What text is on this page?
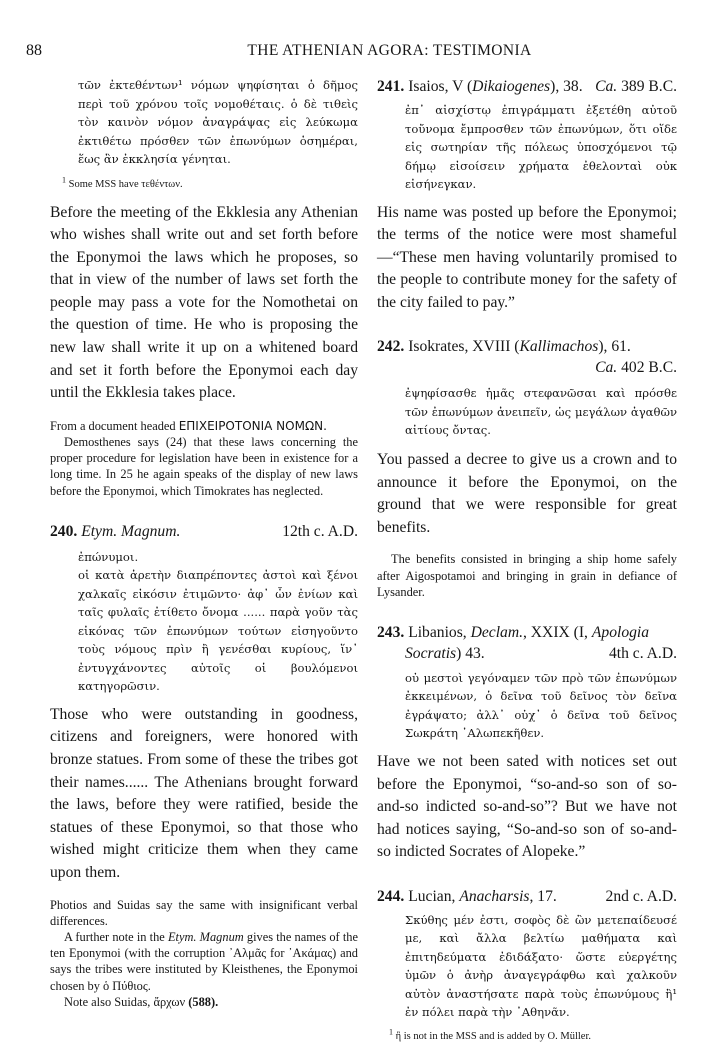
88	THE ATHENIAN AGORA: TESTIMONIA

τῶν ἐκτεθέντων¹ νόμων ψηφίσηται ὁ δῆμος περὶ τοῦ χρόνου τοῖς νομοθέταις. ὁ δὲ τιθεὶς τὸν καινὸν νόμον ἀναγράψας εἰς λεύκωμα ἐκτιθέτω πρόσθεν τῶν ἐπωνύμων ὁσημέραι, ἕως ἂν ἐκκλησία γένηται.

$^1$ Some MSS have τεθέντων.

Before the meeting of the Ekklesia any Athenian who wishes shall write out and set forth before the Eponymoi the laws which he proposes, so that in view of the number of laws set forth the people may pass a vote for the Nomothetai on the question of time. He who is proposing the new law shall write it up on a whitened board and set it forth before the Eponymoi each day until the Ekklesia takes place.

From a document headed ΕΠΙΧΕΙΡΟΤΟΝΙΑ ΝΟΜΩΝ.

Demosthenes says (24) that these laws concerning the proper procedure for legislation have been in existence for a long time. In 25 he again speaks of the display of new laws before the Eponymoi, which Timokrates has neglected.

240. Etym. Magnum.	12th c. A.D.
ἐπώνυμοι.
οἱ κατὰ ἀρετὴν διαπρέποντες ἀστοὶ καὶ ξένοι χαλκαῖς εἰκόσιν ἐτιμῶντο· ἀφ᾽ ὧν ἐνίων καὶ ταῖς φυλαῖς ἐτίθετο ὄνομα ...... παρὰ γοῦν τὰς εἰκόνας τῶν ἐπωνύμων τούτων εἰσηγοῦντο τοὺς νόμους πρὶν ἢ γενέσθαι κυρίους, ἵν᾽ ἐντυγχάνοντες αὐτοῖς οἱ βουλόμενοι κατηγορῶσιν.

Those who were outstanding in goodness, citizens and foreigners, were honored with bronze statues. From some of these the tribes got their names...... The Athenians brought forward the laws, before they were ratified, beside the statues of these Eponymoi, so that those who wished might criticize them when they came upon them.

Photios and Suidas say the same with insignificant verbal differences.

A further note in the Etym. Magnum gives the names of the ten Eponymoi (with the corruption ᾿Αλμᾶς for ᾿Ακάμας) and says the tribes were instituted by Kleisthenes, the Eponymoi chosen by ὁ Πύθιος.

Note also Suidas, ἄρχων (588).

241. Isaios, V (Dikaiogenes), 38. Ca. 389 B.C.

ἐπ᾽ αἰσχίστῳ ἐπιγράμματι ἐξετέθη αὐτοῦ τοὔνομα ἔμπροσθεν τῶν ἐπωνύμων, ὅτι οἵδε εἰς σωτηρίαν τῆς πόλεως ὑποσχόμενοι τῷ δήμῳ εἰσοίσειν χρήματα ἐθελονταὶ οὐκ εἰσήνεγκαν.

His name was posted up before the Eponymoi; the terms of the notice were most shameful—“These men having voluntarily promised to the people to contribute money for the safety of the city failed to pay.”

242. Isokrates, XVIII (Kallimachos), 61.
Ca. 402 B.C.

ἐψηφίσασθε ἡμᾶς στεφανῶσαι καὶ πρόσθε τῶν ἐπωνύμων ἀνειπεῖν, ὡς μεγάλων ἀγαθῶν αἰτίους ὄντας.

You passed a decree to give us a crown and to announce it before the Eponymoi, on the ground that we were responsible for great benefits.

The benefits consisted in bringing a ship home safely after Aigospotamoi and bringing in grain in defiance of Lysander.

243. Libanios, Declam., XXIX (I, Apologia Socratis) 43.	4th c. A.D.

οὐ μεστοὶ γεγόναμεν τῶν πρὸ τῶν ἐπωνύμων ἐκκειμένων, ὁ δεῖνα τοῦ δεῖνος τὸν δεῖνα ἐγράψατο; ἀλλ᾽ οὐχ᾽ ὁ δεῖνα τοῦ δεῖνος Σωκράτη ᾿Αλωπεκῆθεν.

Have we not been sated with notices set out before the Eponymoi, “so-and-so son of so-and-so indicted so-and-so”? But we have not had notices saying, “So-and-so son of so-and-so indicted Socrates of Alopeke.”

244. Lucian, Anacharsis, 17.	2nd c. A.D.

Σκύθης μέν ἐστι, σοφὸς δὲ ὢν μετεπαίδευσέ με, καὶ ἄλλα βελτίω μαθήματα καὶ ἐπιτηδεύματα ἐδιδάξατο· ὥστε εὐεργέτης ὑμῶν ὁ ἀνὴρ ἀναγεγράφθω καὶ χαλκοῦν αὐτὸν ἀναστήσατε παρὰ τοὺς ἐπωνύμους ἢ¹ ἐν πόλει παρὰ τὴν ᾿Αθηνᾶν.

$^1$ ἢ is not in the MSS and is added by O. Müller.
